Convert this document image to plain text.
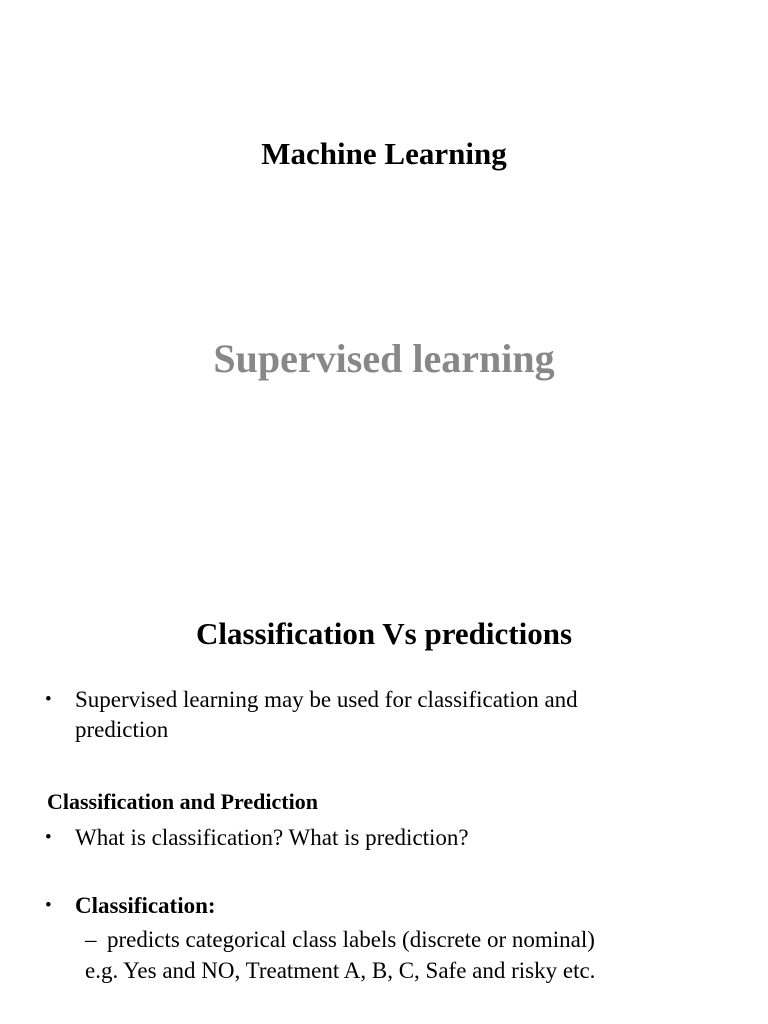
Machine Learning
Supervised learning
Classification Vs predictions
• Supervised learning may be used for classification and
prediction
Classification and Prediction
• What is classification? What is prediction?
• Classification:
– predicts categorical class labels (discrete or nominal)
e.g. Yes and NO, Treatment A, B, C, Safe and risky etc.
